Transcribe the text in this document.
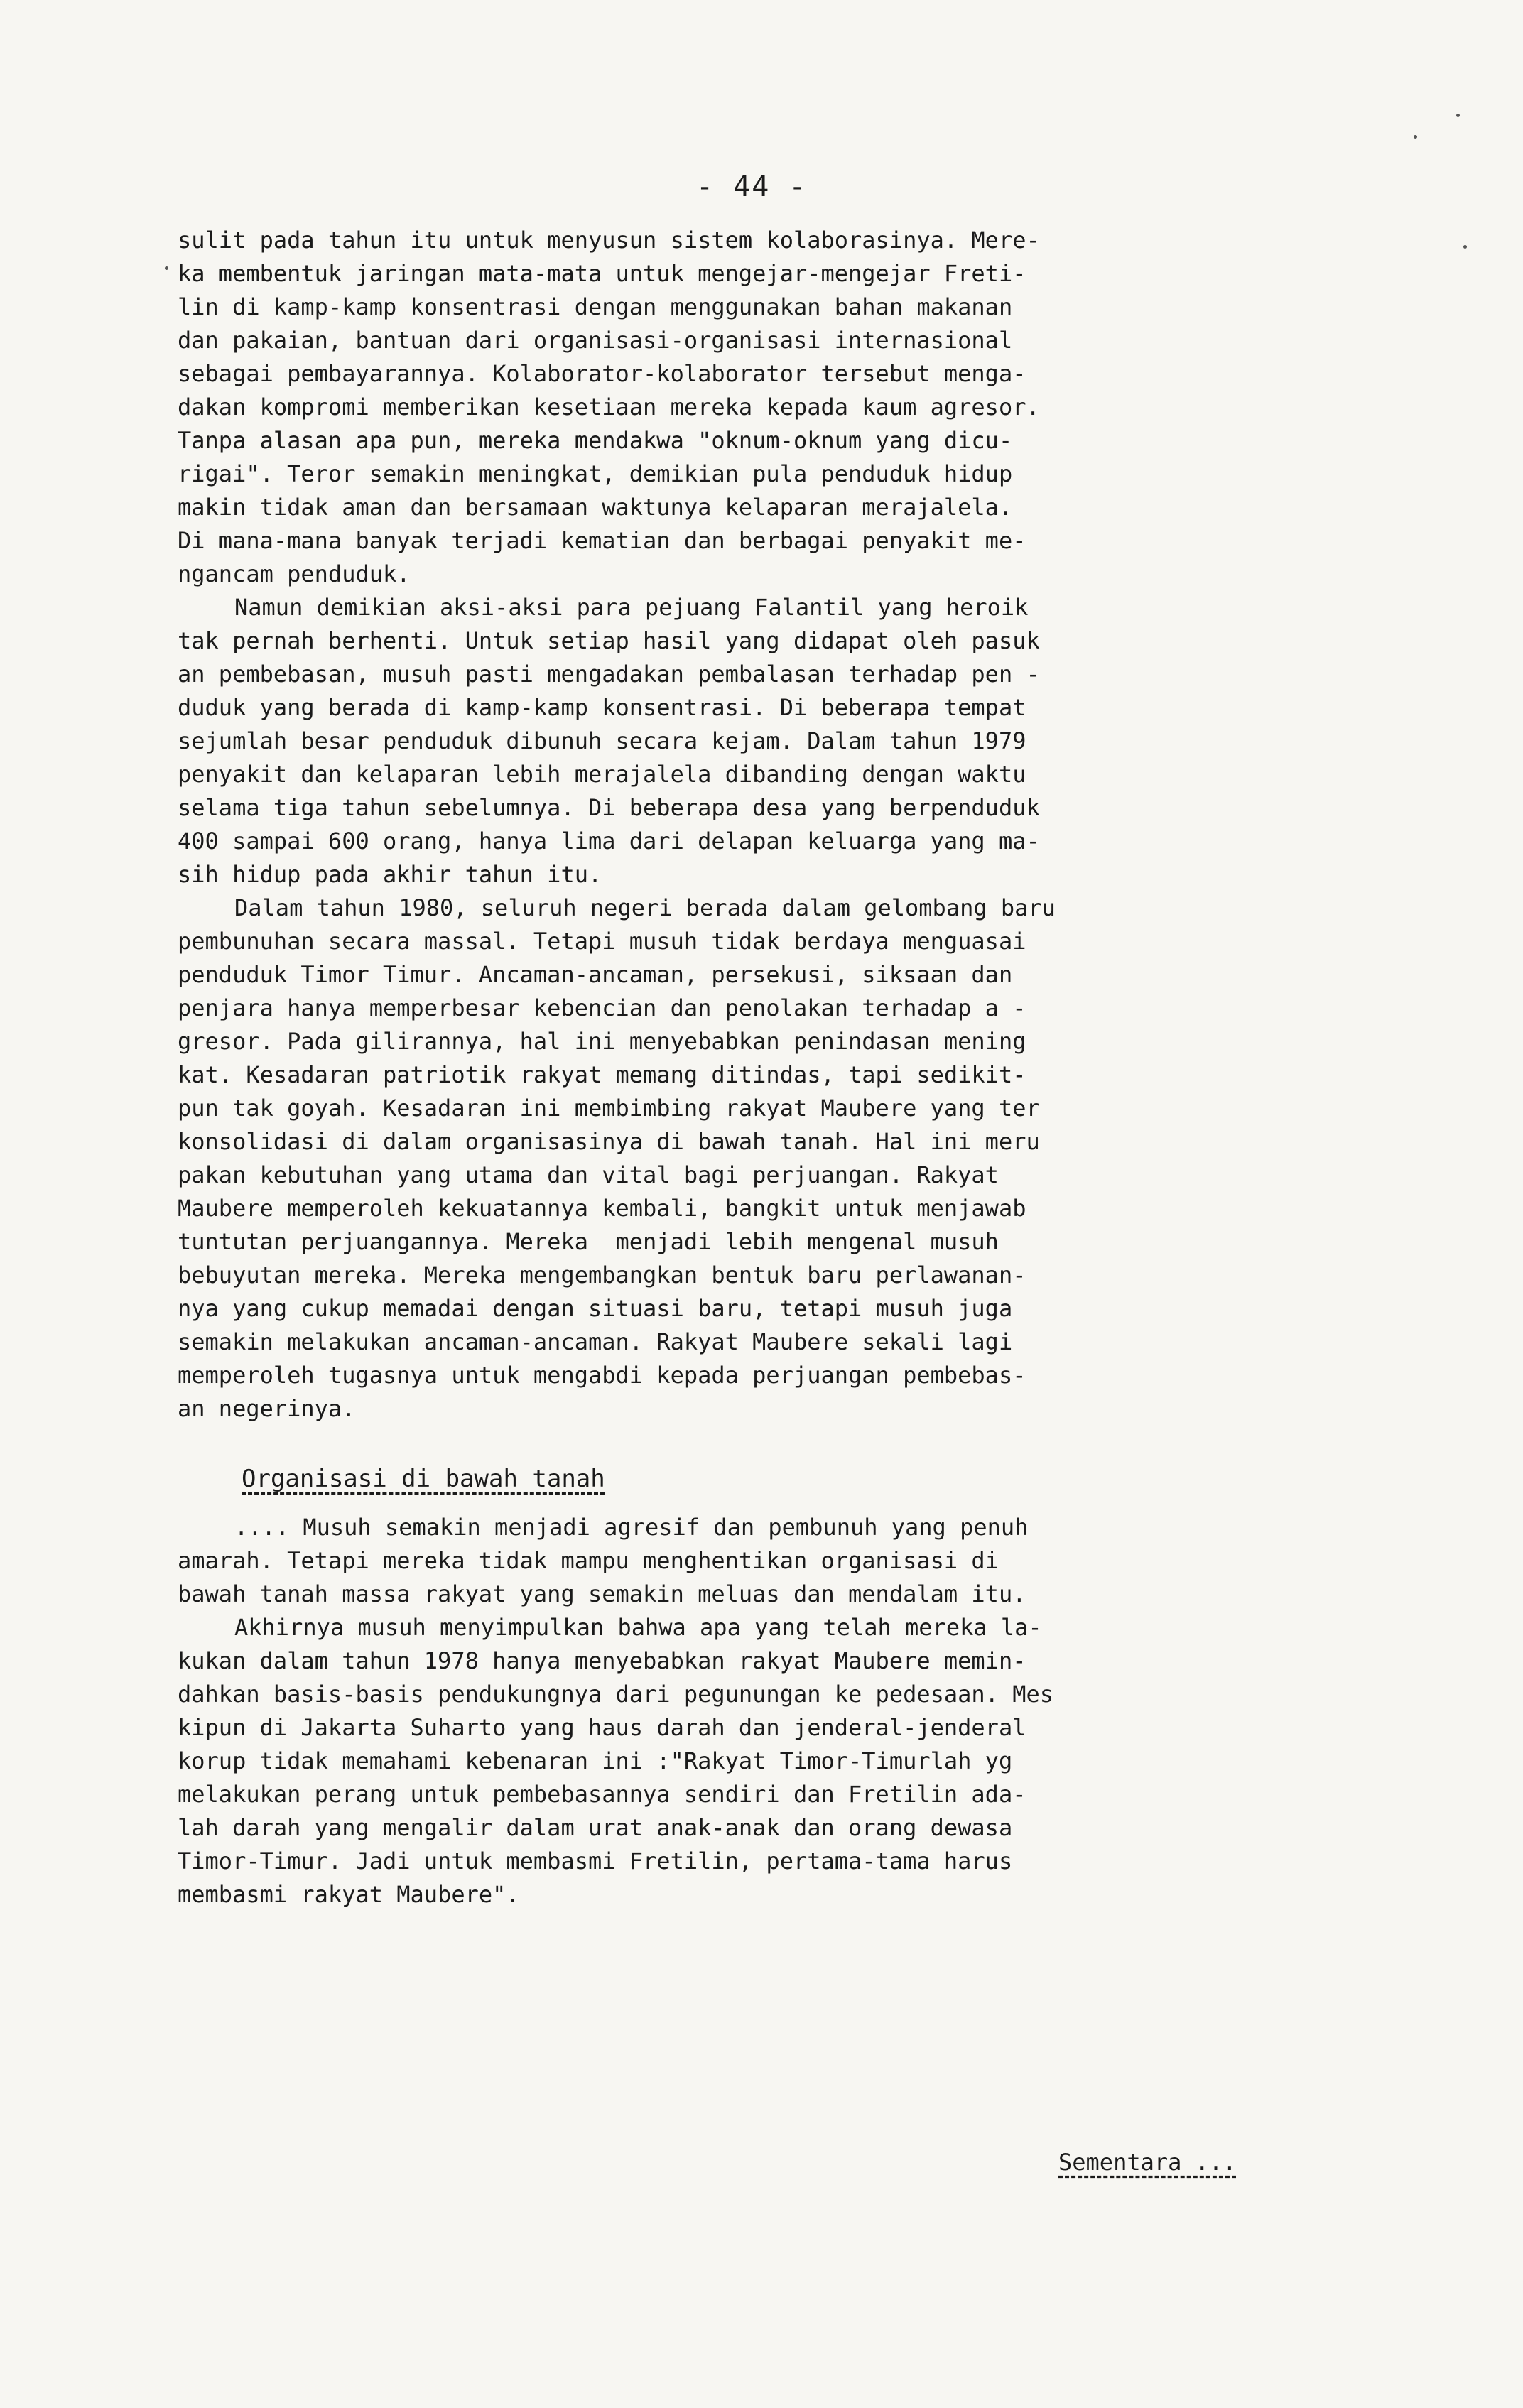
- 44 -
sulit pada tahun itu untuk menyusun sistem kolaborasinya. Mere-
ka membentuk jaringan mata-mata untuk mengejar-mengejar Freti-
lin di kamp-kamp konsentrasi dengan menggunakan bahan makanan
dan pakaian, bantuan dari organisasi-organisasi internasional
sebagai pembayarannya. Kolaborator-kolaborator tersebut menga-
dakan kompromi memberikan kesetiaan mereka kepada kaum agresor.
Tanpa alasan apa pun, mereka mendakwa "oknum-oknum yang dicu-
rigai". Teror semakin meningkat, demikian pula penduduk hidup
makin tidak aman dan bersamaan waktunya kelaparan merajalela.
Di mana-mana banyak terjadi kematian dan berbagai penyakit me-
ngancam penduduk.
Namun demikian aksi-aksi para pejuang Falantil yang heroik
tak pernah berhenti. Untuk setiap hasil yang didapat oleh pasuk
an pembebasan, musuh pasti mengadakan pembalasan terhadap pen -
duduk yang berada di kamp-kamp konsentrasi. Di beberapa tempat
sejumlah besar penduduk dibunuh secara kejam. Dalam tahun 1979
penyakit dan kelaparan lebih merajalela dibanding dengan waktu
selama tiga tahun sebelumnya. Di beberapa desa yang berpenduduk
400 sampai 600 orang, hanya lima dari delapan keluarga yang ma-
sih hidup pada akhir tahun itu.
Dalam tahun 1980, seluruh negeri berada dalam gelombang baru
pembunuhan secara massal. Tetapi musuh tidak berdaya menguasai
penduduk Timor Timur. Ancaman-ancaman, persekusi, siksaan dan
penjara hanya memperbesar kebencian dan penolakan terhadap a -
gresor. Pada gilirannya, hal ini menyebabkan penindasan mening
kat. Kesadaran patriotik rakyat memang ditindas, tapi sedikit-
pun tak goyah. Kesadaran ini membimbing rakyat Maubere yang ter
konsolidasi di dalam organisasinya di bawah tanah. Hal ini meru
pakan kebutuhan yang utama dan vital bagi perjuangan. Rakyat
Maubere memperoleh kekuatannya kembali, bangkit untuk menjawab
tuntutan perjuangannya. Mereka  menjadi lebih mengenal musuh
bebuyutan mereka. Mereka mengembangkan bentuk baru perlawanan-
nya yang cukup memadai dengan situasi baru, tetapi musuh juga
semakin melakukan ancaman-ancaman. Rakyat Maubere sekali lagi
memperoleh tugasnya untuk mengabdi kepada perjuangan pembebas-
an negerinya.
Organisasi di bawah tanah
.... Musuh semakin menjadi agresif dan pembunuh yang penuh
amarah. Tetapi mereka tidak mampu menghentikan organisasi di
bawah tanah massa rakyat yang semakin meluas dan mendalam itu.
Akhirnya musuh menyimpulkan bahwa apa yang telah mereka la-
kukan dalam tahun 1978 hanya menyebabkan rakyat Maubere memin-
dahkan basis-basis pendukungnya dari pegunungan ke pedesaan. Mes
kipun di Jakarta Suharto yang haus darah dan jenderal-jenderal
korup tidak memahami kebenaran ini :"Rakyat Timor-Timurlah yg
melakukan perang untuk pembebasannya sendiri dan Fretilin ada-
lah darah yang mengalir dalam urat anak-anak dan orang dewasa
Timor-Timur. Jadi untuk membasmi Fretilin, pertama-tama harus
membasmi rakyat Maubere".
Sementara ...
